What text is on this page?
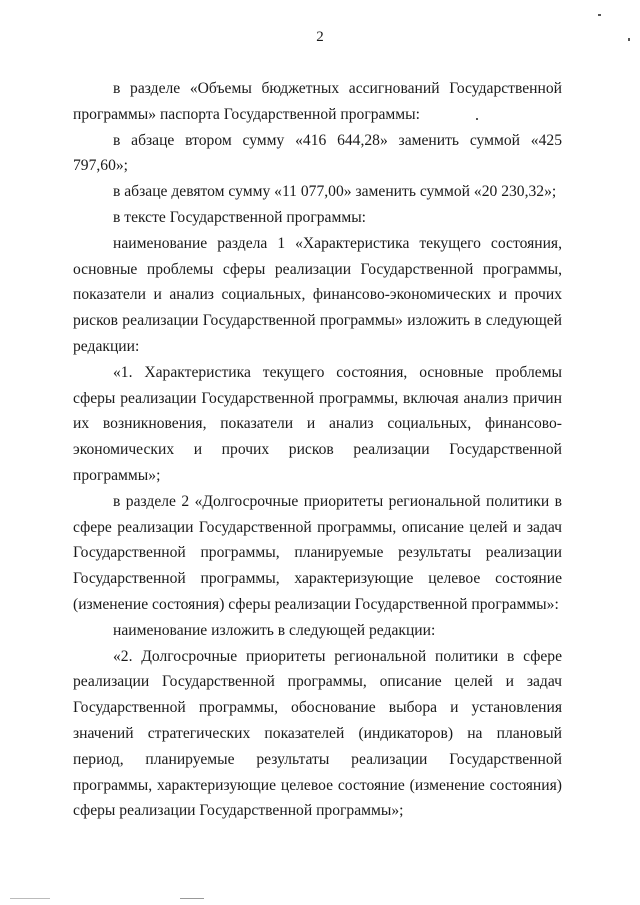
2

в разделе «Объемы бюджетных ассигнований Государственной программы» паспорта Государственной программы:

в абзаце втором сумму «416 644,28» заменить суммой «425 797,60»;

в абзаце девятом сумму «11 077,00» заменить суммой «20 230,32»;

в тексте Государственной программы:

наименование раздела 1 «Характеристика текущего состояния, основные проблемы сферы реализации Государственной программы, показатели и анализ социальных, финансово-экономических и прочих рисков реализации Государственной программы» изложить в следующей редакции:

«1. Характеристика текущего состояния, основные проблемы сферы реализации Государственной программы, включая анализ причин их возникновения, показатели и анализ социальных, финансово-экономических и прочих рисков реализации Государственной программы»;

в разделе 2 «Долгосрочные приоритеты региональной политики в сфере реализации Государственной программы, описание целей и задач Государственной программы, планируемые результаты реализации Государственной программы, характеризующие целевое состояние (изменение состояния) сферы реализации Государственной программы»:

наименование изложить в следующей редакции:

«2. Долгосрочные приоритеты региональной политики в сфере реализации Государственной программы, описание целей и задач Государственной программы, обоснование выбора и установления значений стратегических показателей (индикаторов) на плановый период, планируемые результаты реализации Государственной программы, характеризующие целевое состояние (изменение состояния) сферы реализации Государственной программы»;
